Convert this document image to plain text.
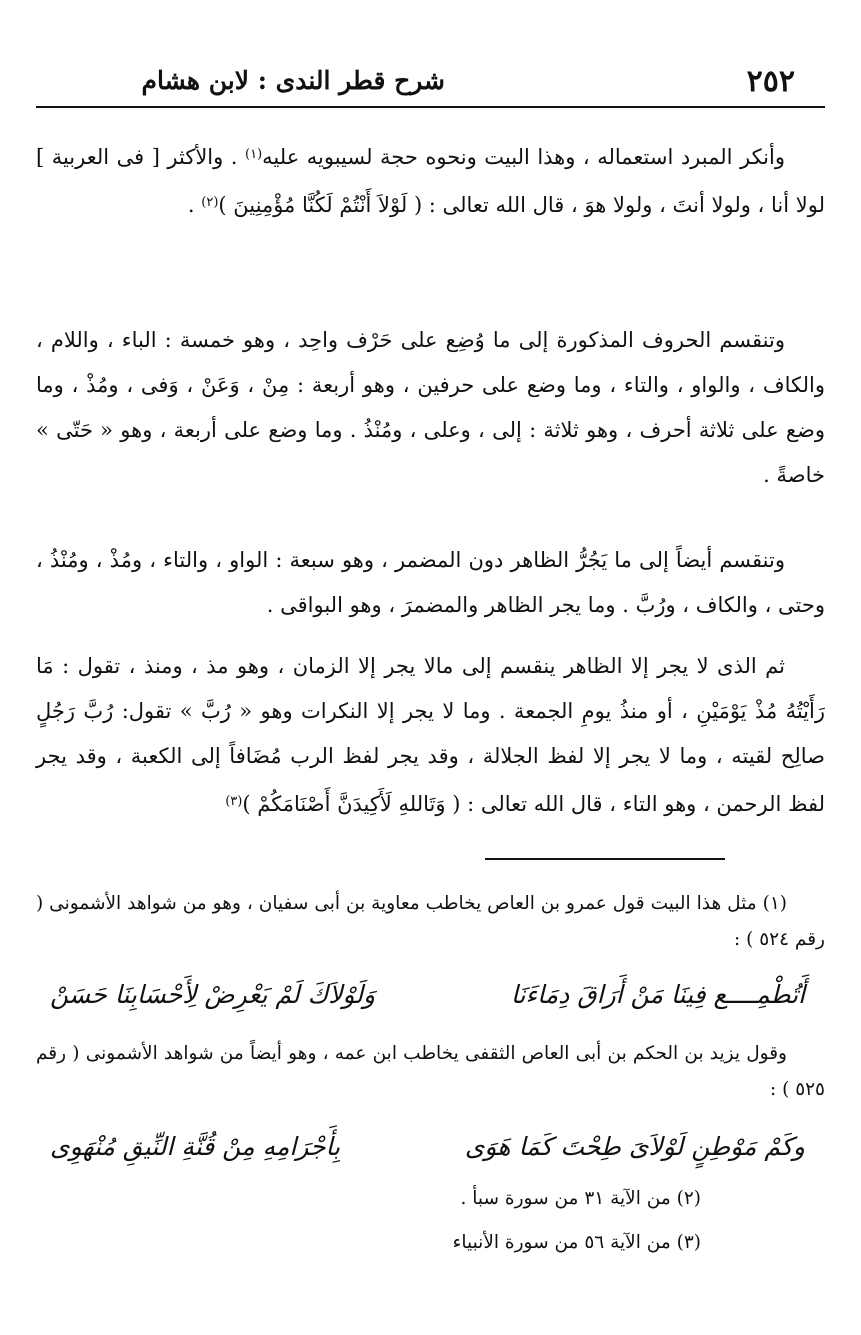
٢٥٢
شرح قطر الندى : لابن هشام

وأنكر المبرد استعماله ، وهذا البيت ونحوه حجة لسيبويه عليه$^{(١)}$ . والأكثر [ فى العربية ] لولا أنا ، ولولا أنتَ ، ولولا هوَ ، قال الله تعالى : ( لَوْلاَ أَنْتُمْ لَكُنَّا مُؤْمِنِينَ )$^{(٢)}$ .

وتنقسم الحروف المذكورة إلى ما وُضِع على حَرْف واحِد ، وهو خمسة : الباء ، واللام ، والكاف ، والواو ، والتاء ، وما وضع على حرفين ، وهو أربعة : مِنْ ، وَعَنْ ، وَفى ، ومُذْ ، وما وضع على ثلاثة أحرف ، وهو ثلاثة : إلى ، وعلى ، ومُنْذُ . وما وضع على أربعة ، وهو « حَتّى » خاصةً .

وتنقسم أيضاً إلى ما يَجُرُّ الظاهر دون المضمر ، وهو سبعة : الواو ، والتاء ، ومُذْ ، ومُنْذُ ، وحتى ، والكاف ، ورُبَّ . وما يجر الظاهر والمضمرَ ، وهو البواقى .

ثم الذى لا يجر إلا الظاهر ينقسم إلى مالا يجر إلا الزمان ، وهو مذ ، ومنذ ، تقول : مَا رَأَيْتُهُ مُذْ يَوْمَيْنِ ، أو منذُ يومِ الجمعة . وما لا يجر إلا النكرات وهو « رُبَّ » تقول: رُبَّ رَجُلٍ صالِح لقيته ، وما لا يجر إلا لفظ الجلالة ، وقد يجر لفظ الرب مُضَافاً إلى الكعبة ، وقد يجر لفظ الرحمن ، وهو التاء ، قال الله تعالى : ( وَتَاللهِ لَأَكِيدَنَّ أَصْنَامَكُمْ )$^{(٣)}$

(١) مثل هذا البيت قول عمرو بن العاص يخاطب معاوية بن أبى سفيان ، وهو من شواهد الأشمونى ( رقم ٥٢٤ ) :

أَتُطْمِــــع فِينَا مَنْ أَرَاقَ دِمَاءَنَا
وَلَوْلاَكَ لَمْ يَعْرِضْ لِأَحْسَابِنَا حَسَنْ

وقول يزيد بن الحكم بن أبى العاص الثقفى يخاطب ابن عمه ، وهو أيضاً من شواهد الأشمونى ( رقم ٥٢٥ ) :

وكَمْ مَوْطِنٍ لَوْلاَىَ طِحْتَ كَمَا هَوَى
بِأَجْرَامِهِ مِنْ قُنَّةِ النِّيقِ مُنْهَوِى
(٢) من الآية ٣١ من سورة سبأ .
(٣) من الآية ٥٦ من سورة الأنبياء
